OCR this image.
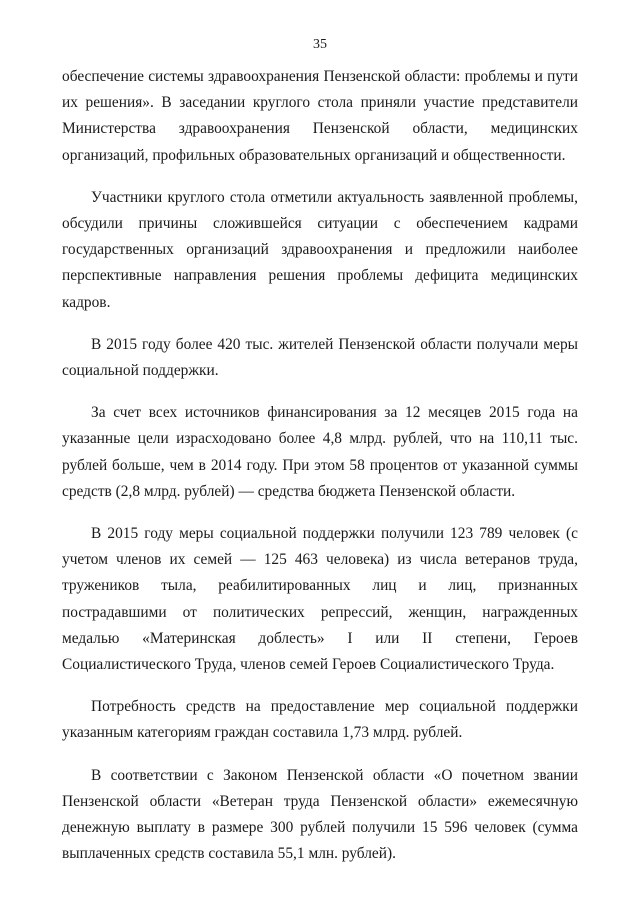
35

обеспечение системы здравоохранения Пензенской области: проблемы и пути их решения». В заседании круглого стола приняли участие представители Министерства здравоохранения Пензенской области, медицинских организаций, профильных образовательных организаций и общественности.

Участники круглого стола отметили актуальность заявленной проблемы, обсудили причины сложившейся ситуации с обеспечением кадрами государственных организаций здравоохранения и предложили наиболее перспективные направления решения проблемы дефицита медицинских кадров.

В 2015 году более 420 тыс. жителей Пензенской области получали меры социальной поддержки.

За счет всех источников финансирования за 12 месяцев 2015 года на указанные цели израсходовано более 4,8 млрд. рублей, что на 110,11 тыс. рублей больше, чем в 2014 году. При этом 58 процентов от указанной суммы средств (2,8 млрд. рублей) — средства бюджета Пензенской области.

В 2015 году меры социальной поддержки получили 123 789 человек (с учетом членов их семей — 125 463 человека) из числа ветеранов труда, тружеников тыла, реабилитированных лиц и лиц, признанных пострадавшими от политических репрессий, женщин, награжденных медалью «Материнская доблесть» I или II степени, Героев Социалистического Труда, членов семей Героев Социалистического Труда.

Потребность средств на предоставление мер социальной поддержки указанным категориям граждан составила 1,73 млрд. рублей.

В соответствии с Законом Пензенской области «О почетном звании Пензенской области «Ветеран труда Пензенской области» ежемесячную денежную выплату в размере 300 рублей получили 15 596 человек (сумма выплаченных средств составила 55,1 млн. рублей).
